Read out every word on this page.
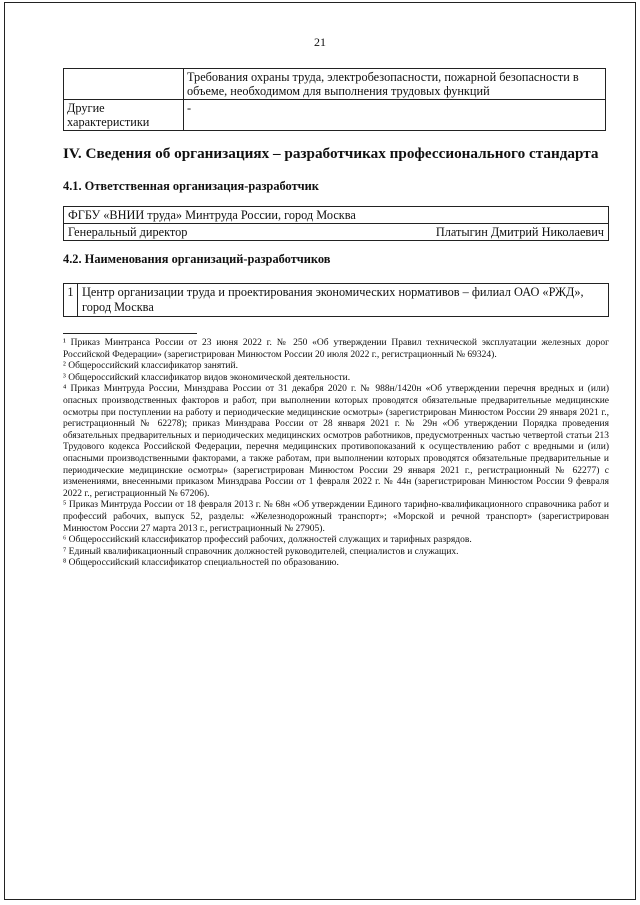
21
	Требования охраны труда, электробезопасности, пожарной безопасности в объеме, необходимом для выполнения трудовых функций
Другие характеристики	-
IV. Сведения об организациях – разработчиках профессионального стандарта
4.1. Ответственная организация-разработчик
ФГБУ «ВНИИ труда» Минтруда России, город Москва

Генеральный директор	Платыгин Дмитрий Николаевич
4.2. Наименования организаций-разработчиков
1	Центр организации труда и проектирования экономических нормативов – филиал ОАО «РЖД», город Москва

¹ Приказ Минтранса России от 23 июня 2022 г. № 250 «Об утверждении Правил технической эксплуатации железных дорог Российской Федерации» (зарегистрирован Минюстом России 20 июля 2022 г., регистрационный № 69324).

² Общероссийский классификатор занятий.

³ Общероссийский классификатор видов экономической деятельности.

⁴ Приказ Минтруда России, Минздрава России от 31 декабря 2020 г. № 988н/1420н «Об утверждении перечня вредных и (или) опасных производственных факторов и работ, при выполнении которых проводятся обязательные предварительные медицинские осмотры при поступлении на работу и периодические медицинские осмотры» (зарегистрирован Минюстом России 29 января 2021 г., регистрационный № 62278); приказ Минздрава России от 28 января 2021 г. № 29н «Об утверждении Порядка проведения обязательных предварительных и периодических медицинских осмотров работников, предусмотренных частью четвертой статьи 213 Трудового кодекса Российской Федерации, перечня медицинских противопоказаний к осуществлению работ с вредными и (или) опасными производственными факторами, а также работам, при выполнении которых проводятся обязательные предварительные и периодические медицинские осмотры» (зарегистрирован Минюстом России 29 января 2021 г., регистрационный № 62277) с изменениями, внесенными приказом Минздрава России от 1 февраля 2022 г. № 44н (зарегистрирован Минюстом России 9 февраля 2022 г., регистрационный № 67206).

⁵ Приказ Минтруда России от 18 февраля 2013 г. № 68н «Об утверждении Единого тарифно-квалификационного справочника работ и профессий рабочих, выпуск 52, разделы: «Железнодорожный транспорт»; «Морской и речной транспорт» (зарегистрирован Минюстом России 27 марта 2013 г., регистрационный № 27905).

⁶ Общероссийский классификатор профессий рабочих, должностей служащих и тарифных разрядов.

⁷ Единый квалификационный справочник должностей руководителей, специалистов и служащих.

⁸ Общероссийский классификатор специальностей по образованию.
